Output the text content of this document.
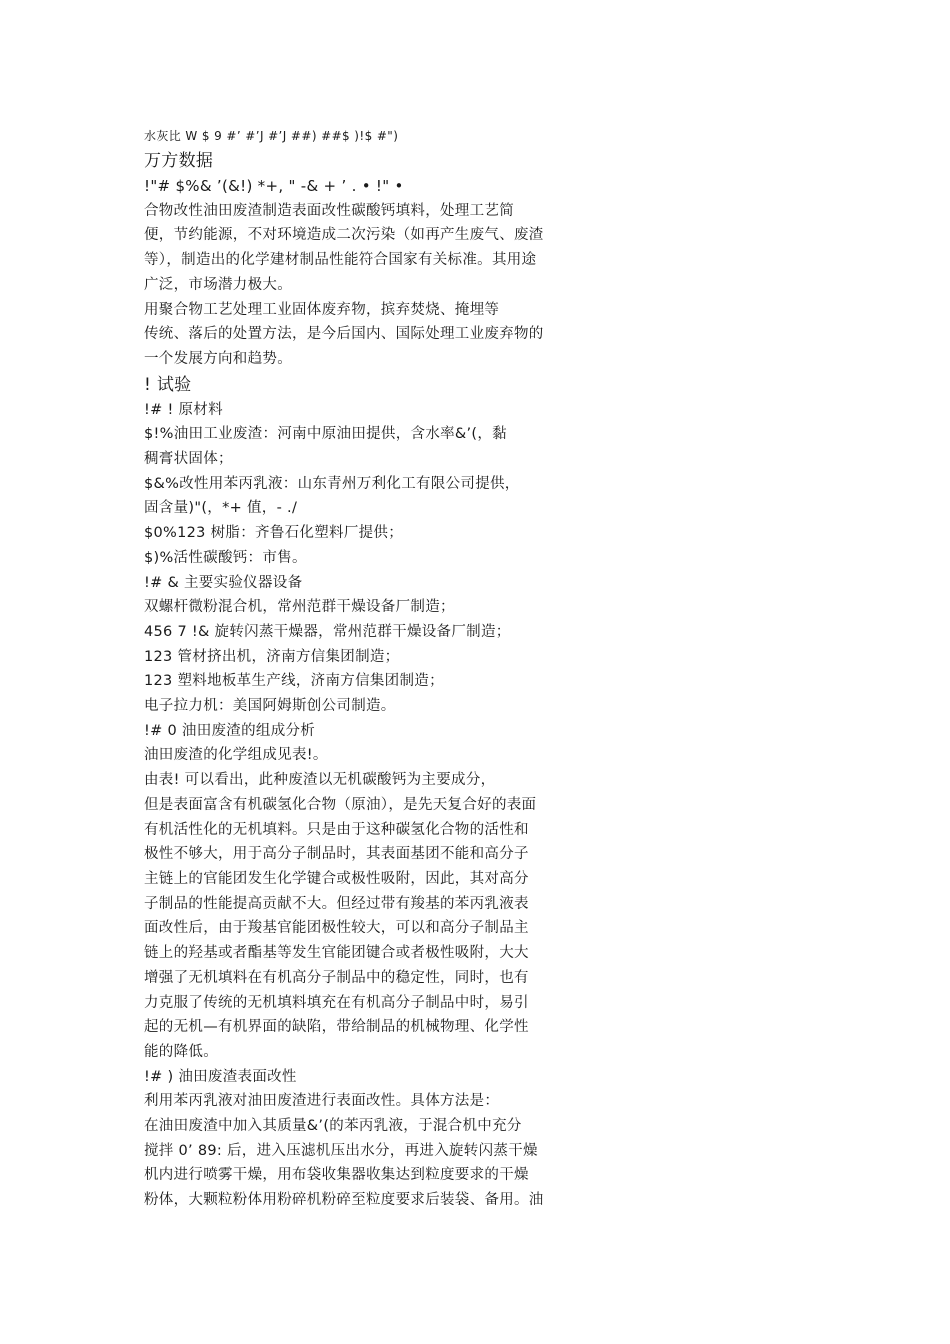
水灰比 W $ 9 #’ #’J #’J ##) ##$ )!$ #")
万方数据
!"# $%& ’(&!) *+, " -& + ’ . • !" •
合物改性油田废渣制造表面改性碳酸钙填料，处理工艺简
便，节约能源，不对环境造成二次污染（如再产生废气、废渣
等），制造出的化学建材制品性能符合国家有关标准。其用途
广泛，市场潜力极大。
用聚合物工艺处理工业固体废弃物，摈弃焚烧、掩埋等
传统、落后的处置方法，是今后国内、国际处理工业废弃物的
一个发展方向和趋势。
! 试验
!# ! 原材料
$!%油田工业废渣：河南中原油田提供，含水率&’(，黏
稠膏状固体；
$&%改性用苯丙乳液：山东青州万利化工有限公司提供，
固含量)"(，*+ 值，- ./
$0%123 树脂：齐鲁石化塑料厂提供；
$)%活性碳酸钙：市售。
!# & 主要实验仪器设备
双螺杆微粉混合机，常州范群干燥设备厂制造；
456 7 !& 旋转闪蒸干燥器，常州范群干燥设备厂制造；
123 管材挤出机，济南方信集团制造；
123 塑料地板革生产线，济南方信集团制造；
电子拉力机：美国阿姆斯创公司制造。
!# 0 油田废渣的组成分析
油田废渣的化学组成见表!。
由表! 可以看出，此种废渣以无机碳酸钙为主要成分，
但是表面富含有机碳氢化合物（原油），是先天复合好的表面
有机活性化的无机填料。只是由于这种碳氢化合物的活性和
极性不够大，用于高分子制品时，其表面基团不能和高分子
主链上的官能团发生化学键合或极性吸附，因此，其对高分
子制品的性能提高贡献不大。但经过带有羧基的苯丙乳液表
面改性后，由于羧基官能团极性较大，可以和高分子制品主
链上的羟基或者酯基等发生官能团键合或者极性吸附，大大
增强了无机填料在有机高分子制品中的稳定性，同时，也有
力克服了传统的无机填料填充在有机高分子制品中时，易引
起的无机—有机界面的缺陷，带给制品的机械物理、化学性
能的降低。
!# ) 油田废渣表面改性
利用苯丙乳液对油田废渣进行表面改性。具体方法是：
在油田废渣中加入其质量&’(的苯丙乳液，于混合机中充分
搅拌 0’ 89: 后，进入压滤机压出水分，再进入旋转闪蒸干燥
机内进行喷雾干燥，用布袋收集器收集达到粒度要求的干燥
粉体，大颗粒粉体用粉碎机粉碎至粒度要求后装袋、备用。油
